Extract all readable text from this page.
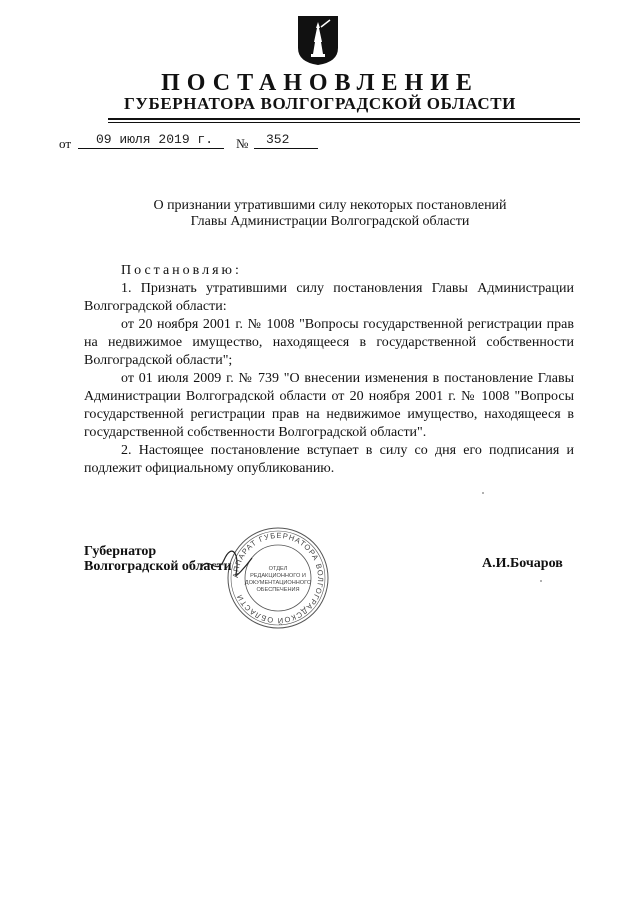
ПОСТАНОВЛЕНИЕ
ГУБЕРНАТОРА ВОЛГОГРАДСКОЙ ОБЛАСТИ
от 09 июля 2019 г. № 352
О признании утратившими силу некоторых постановлений
Главы Администрации Волгоградской области

Постановляю:

1. Признать утратившими силу постановления Главы Администрации Волгоградской области:

от 20 ноября 2001 г. № 1008 "Вопросы государственной регистрации прав на недвижимое имущество, находящееся в государственной собственности Волгоградской области";

от 01 июля 2009 г. № 739 "О внесении изменения в постановление Главы Администрации Волгоградской области от 20 ноября 2001 г. № 1008 "Вопросы государственной регистрации прав на недвижимое имущество, находящееся в государственной собственности Волгоградской области".

2. Настоящее постановление вступает в силу со дня его подписания и подлежит официальному опубликованию.

АППАРАТ ГУБЕРНАТОРА ВОЛГОГРАДСКОЙ ОБЛАСТИ
ОТДЕЛ
РЕДАКЦИОННОГО И
ДОКУМЕНТАЦИОННОГО
ОБЕСПЕЧЕНИЯ
Губернатор
Волгоградской области	А.И.Бочаров
